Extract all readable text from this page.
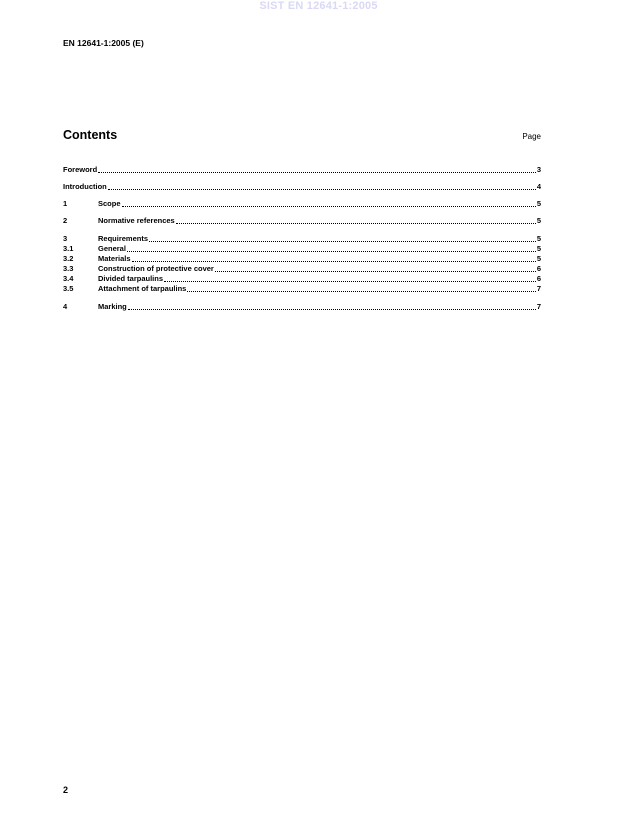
SIST EN 12641-1:2005
EN 12641-1:2005 (E)
Contents	Page
Foreword	3
Introduction	4
1	Scope	5
2	Normative references	5
3	Requirements	5
3.1	General	5
3.2	Materials	5
3.3	Construction of protective cover	6
3.4	Divided tarpaulins	6
3.5	Attachment of tarpaulins	7
4	Marking	7
2
